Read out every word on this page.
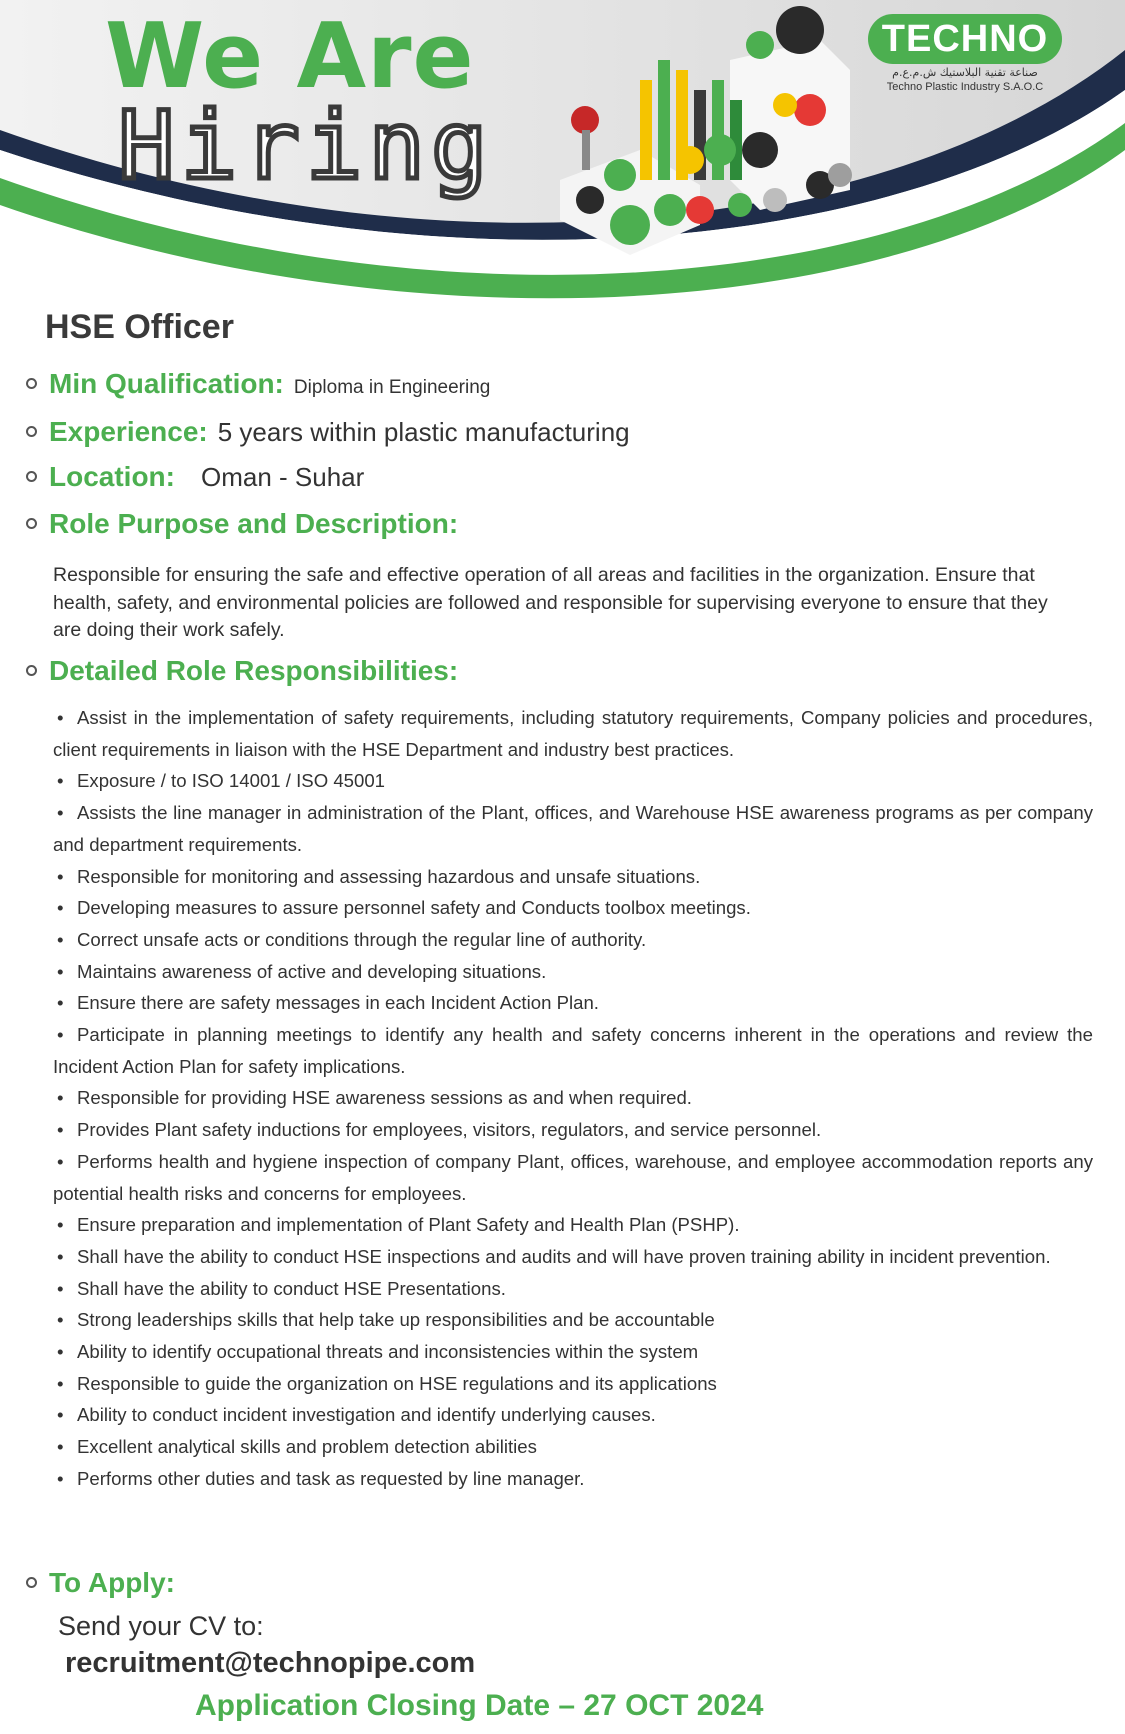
We Are
Hiring
TECHNO
صناعة تقنية البلاستيك ش.م.ع.م
Techno Plastic Industry S.A.O.C
HSE Officer
Min Qualification: Diploma in Engineering
Experience: 5 years within plastic manufacturing
Location: Oman - Suhar
Role Purpose and Description:

Responsible for ensuring the safe and effective operation of all areas and facilities in the organization. Ensure that health, safety, and environmental policies are followed and responsible for supervising everyone to ensure that they are doing their work safely.

Detailed Role Responsibilities:
• Assist in the implementation of safety requirements, including statutory requirements, Company policies and procedures, client requirements in liaison with the HSE Department and industry best practices.
• Exposure / to ISO 14001 / ISO 45001
• Assists the line manager in administration of the Plant, offices, and Warehouse HSE awareness programs as per company and department requirements.
• Responsible for monitoring and assessing hazardous and unsafe situations.
• Developing measures to assure personnel safety and Conducts toolbox meetings.
• Correct unsafe acts or conditions through the regular line of authority.
• Maintains awareness of active and developing situations.
• Ensure there are safety messages in each Incident Action Plan.
• Participate in planning meetings to identify any health and safety concerns inherent in the operations and review the Incident Action Plan for safety implications.
• Responsible for providing HSE awareness sessions as and when required.
• Provides Plant safety inductions for employees, visitors, regulators, and service personnel.
• Performs health and hygiene inspection of company Plant, offices, warehouse, and employee accommodation reports any potential health risks and concerns for employees.
• Ensure preparation and implementation of Plant Safety and Health Plan (PSHP).
• Shall have the ability to conduct HSE inspections and audits and will have proven training ability in incident prevention.
• Shall have the ability to conduct HSE Presentations.
• Strong leaderships skills that help take up responsibilities and be accountable
• Ability to identify occupational threats and inconsistencies within the system
• Responsible to guide the organization on HSE regulations and its applications
• Ability to conduct incident investigation and identify underlying causes.
• Excellent analytical skills and problem detection abilities
• Performs other duties and task as requested by line manager.
To Apply:
Send your CV to:
recruitment@technopipe.com
Application Closing Date – 27 OCT 2024
